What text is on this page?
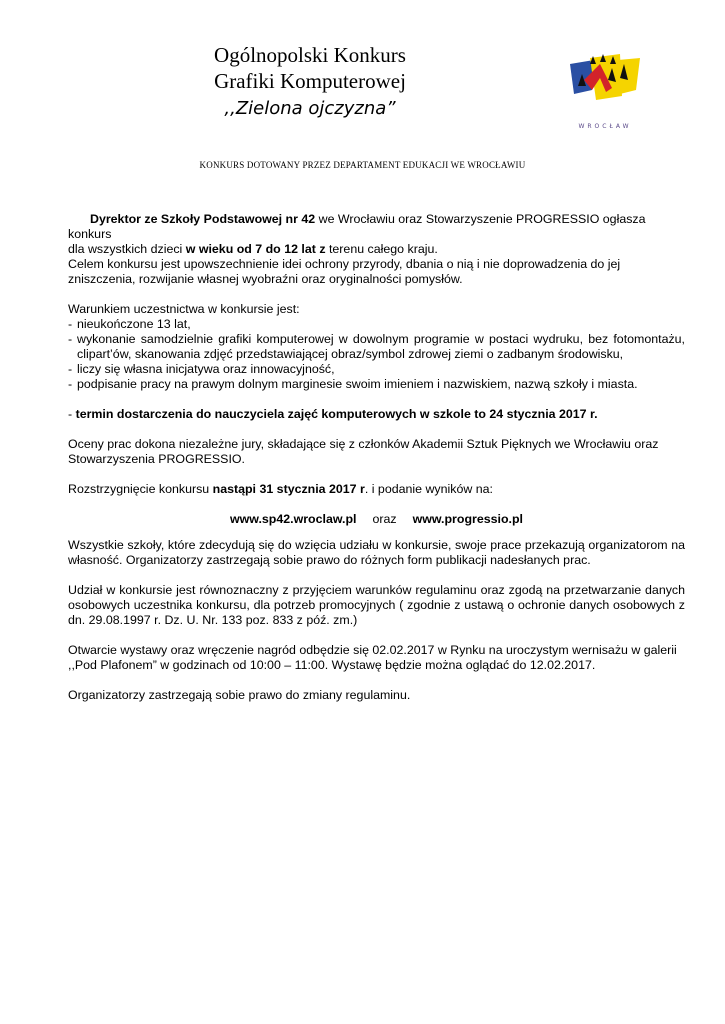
Ogólnopolski Konkurs
Grafiki Komputerowej
,,Zielona ojczyzna”
WROCŁAW
KONKURS DOTOWANY PRZEZ DEPARTAMENT EDUKACJI WE WROCŁAWIU

Dyrektor ze Szkoły Podstawowej nr 42 we Wrocławiu oraz Stowarzyszenie PROGRESSIO ogłasza konkurs

dla wszystkich dzieci w wieku od 7 do 12 lat z terenu całego kraju.

Celem konkursu jest upowszechnienie idei ochrony przyrody, dbania o nią i nie doprowadzenia do jej zniszczenia, rozwijanie własnej wyobraźni oraz oryginalności pomysłów.

Warunkiem uczestnictwa w konkursie jest:

- nieukończone 13 lat,
- wykonanie samodzielnie grafiki komputerowej w dowolnym programie w postaci wydruku, bez fotomontażu, clipart’ów, skanowania zdjęć przedstawiającej obraz/symbol zdrowej ziemi o zadbanym środowisku,
- liczy się własna inicjatywa oraz innowacyjność,
- podpisanie pracy na prawym dolnym marginesie swoim imieniem i nazwiskiem, nazwą szkoły i miasta.

- termin dostarczenia do nauczyciela zajęć komputerowych w szkole to 24 stycznia 2017 r.

Oceny prac dokona niezależne jury, składające się z członków Akademii Sztuk Pięknych we Wrocławiu oraz Stowarzyszenia PROGRESSIO.

Rozstrzygnięcie konkursu nastąpi 31 stycznia 2017 r. i podanie wyników na:

www.sp42.wroclaw.pl oraz www.progressio.pl

Wszystkie szkoły, które zdecydują się do wzięcia udziału w konkursie, swoje prace przekazują organizatorom na własność. Organizatorzy zastrzegają sobie prawo do różnych form publikacji nadesłanych prac.

Udział w konkursie jest równoznaczny z przyjęciem warunków regulaminu oraz zgodą na przetwarzanie danych osobowych uczestnika konkursu, dla potrzeb promocyjnych ( zgodnie z ustawą o ochronie danych osobowych z dn. 29.08.1997 r. Dz. U. Nr. 133 poz. 833 z póź. zm.)

Otwarcie wystawy oraz wręczenie nagród odbędzie się 02.02.2017 w Rynku na uroczystym wernisażu w galerii

,,Pod Plafonem” w godzinach od 10:00 – 11:00. Wystawę będzie można oglądać do 12.02.2017.

Organizatorzy zastrzegają sobie prawo do zmiany regulaminu.
